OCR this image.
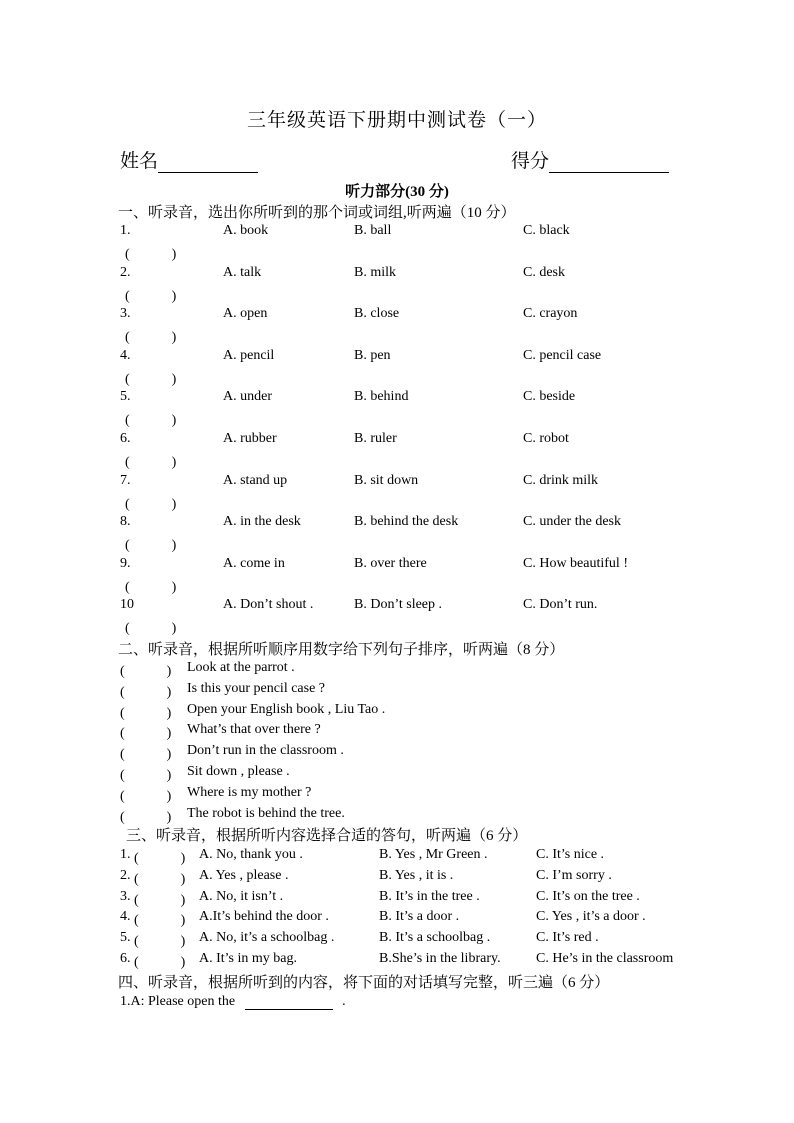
三年级英语下册期中测试卷（一）
姓名	得分
听力部分(30 分)
一、听录音，选出你所听到的那个词或词组,听两遍（10 分）
1.	A. book	B. ball	C. black
(　　　)
2.	A. talk	B. milk	C. desk
(　　　)
3.	A. open	B. close	C. crayon
(　　　)
4.	A. pencil	B. pen	C. pencil case
(　　　)
5.	A. under	B. behind	C. beside
(　　　)
6.	A. rubber	B. ruler	C. robot
(　　　)
7.	A. stand up	B. sit down	C. drink milk
(　　　)
8.	A. in the desk	B. behind the desk	C. under the desk
(　　　)
9.	A. come in	B. over there	C. How beautiful !
(　　　)
10	A. Don’t shout .	B. Don’t sleep .	C. Don’t run.
(　　　)
二、听录音，根据所听顺序用数字给下列句子排序，听两遍（8 分）
(　　　) Look at the parrot .
(　　　) Is this your pencil case ?
(　　　) Open your English book , Liu Tao .
(　　　) What’s that over there ?
(　　　) Don’t run in the classroom .
(　　　) Sit down , please .
(　　　) Where is my mother ?
(　　　) The robot is behind the tree.
三、听录音，根据所听内容选择合适的答句，听两遍（6 分）
1. (　　　) A. No, thank you .	B. Yes , Mr Green .	C. It’s nice .
2. (　　　) A. Yes , please .	B. Yes , it is .	C. I’m sorry .
3. (　　　) A. No, it isn’t .	B. It’s in the tree .	C. It’s on the tree .
4. (　　　) A.It’s behind the door .	B. It’s a door .	C. Yes , it’s a door .
5. (　　　) A. No, it’s a schoolbag .	B. It’s a schoolbag .	C. It’s red .
6. (　　　) A. It’s in my bag.	B.She’s in the library.	C. He’s in the classroom
四、听录音，根据所听到的内容，将下面的对话填写完整，听三遍（6 分）
1.A: Please open the	.
